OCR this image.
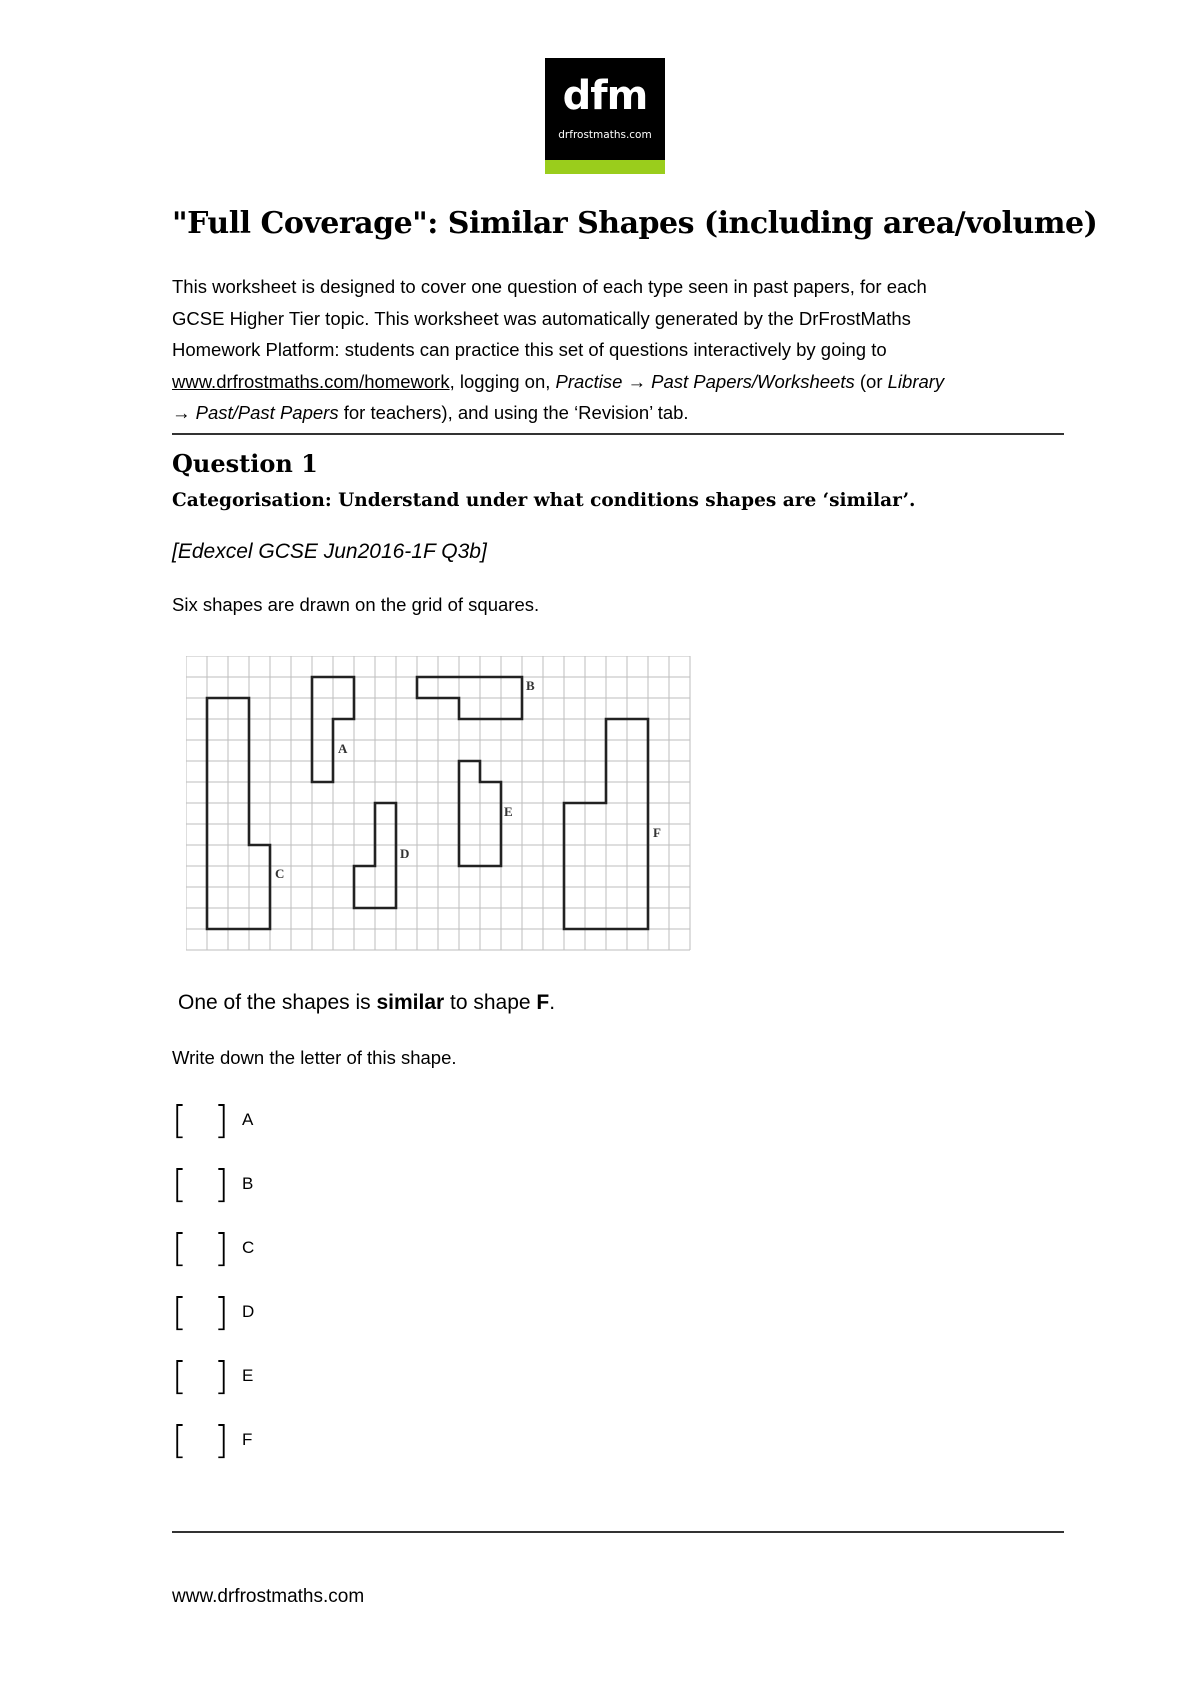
dfm
drfrostmaths.com
"Full Coverage": Similar Shapes (including area/volume)
This worksheet is designed to cover one question of each type seen in past papers, for each
GCSE Higher Tier topic. This worksheet was automatically generated by the DrFrostMaths
Homework Platform: students can practice this set of questions interactively by going to
www.drfrostmaths.com/homework, logging on, Practise → Past Papers/Worksheets (or Library
→ Past/Past Papers for teachers), and using the ‘Revision’ tab.
Question 1
Categorisation: Understand under what conditions shapes are ‘similar’.
[Edexcel GCSE Jun2016-1F Q3b]
Six shapes are drawn on the grid of squares.
A
B
C
D
E
F
One of the shapes is similar to shape F.
Write down the letter of this shape.
[ ] A
[ ] B
[ ] C
[ ] D
[ ] E
[ ] F
www.drfrostmaths.com
